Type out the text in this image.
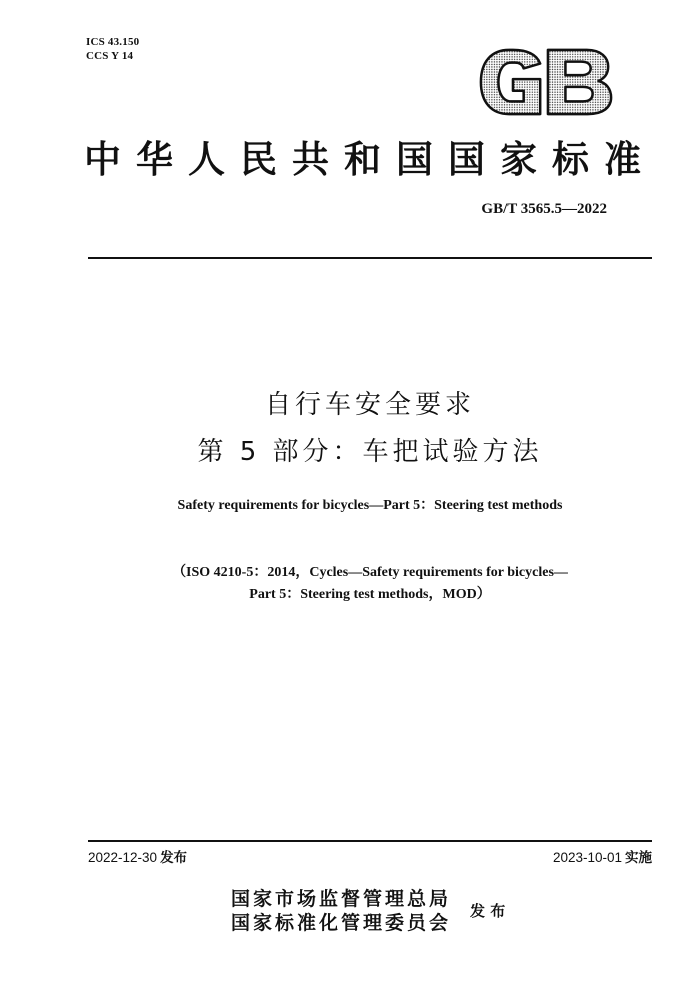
ICS 43.150
CCS Y 14
中华人民共和国国家标准
GB/T 3565.5—2022
自行车安全要求
第 5 部分：车把试验方法
Safety requirements for bicycles—Part 5：Steering test methods
（ISO 4210-5：2014，Cycles—Safety requirements for bicycles—
Part 5：Steering test methods，MOD）
2022-12-30 发布	2023-10-01 实施
国家市场监督管理总局
国家标准化管理委员会
发 布
